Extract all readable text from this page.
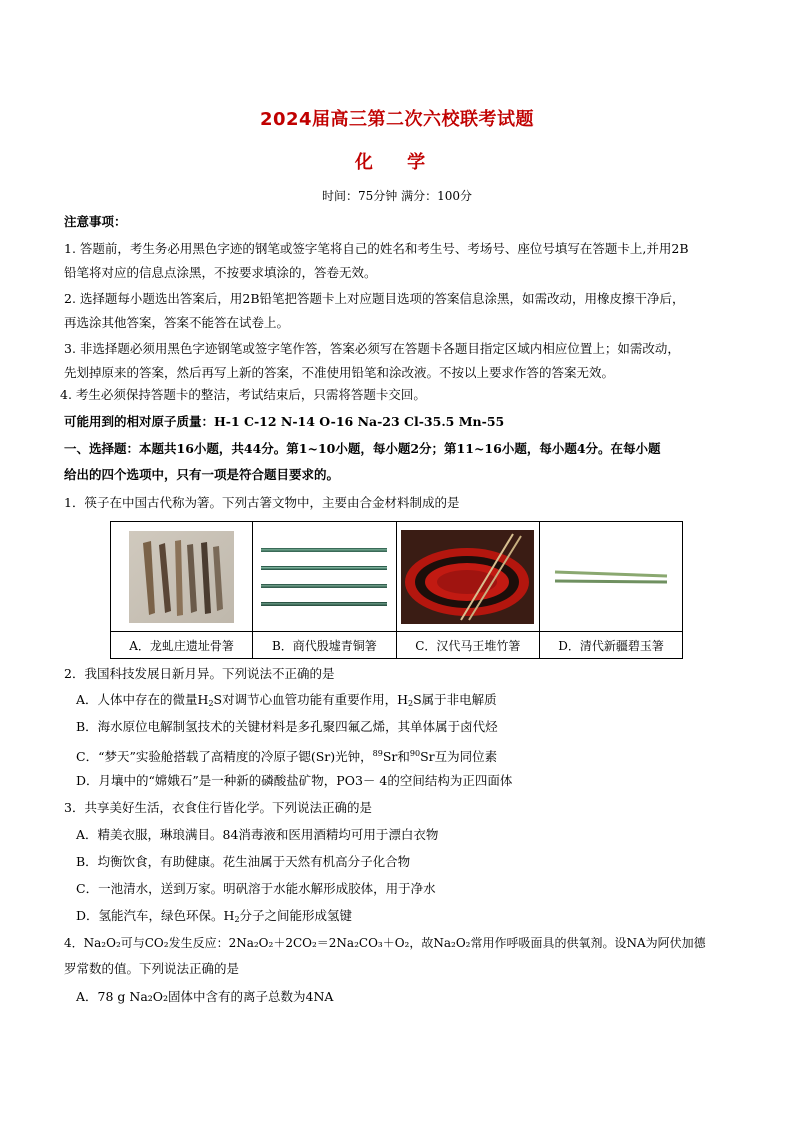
2024届高三第二次六校联考试题
化 学
时间：75分钟 满分：100分
注意事项：
1. 答题前，考生务必用黑色字迹的钢笔或签字笔将自己的姓名和考生号、考场号、座位号填写在答题卡上,并用2B
铅笔将对应的信息点涂黑，不按要求填涂的，答卷无效。
2. 选择题每小题选出答案后，用2B铅笔把答题卡上对应题目选项的答案信息涂黑，如需改动，用橡皮擦干净后，
再选涂其他答案，答案不能答在试卷上。
3. 非选择题必须用黑色字迹钢笔或签字笔作答，答案必须写在答题卡各题目指定区域内相应位置上；如需改动，
先划掉原来的答案，然后再写上新的答案，不准使用铅笔和涂改液。不按以上要求作答的答案无效。
4. 考生必须保持答题卡的整洁，考试结束后，只需将答题卡交回。
可能用到的相对原子质量：H-1 C-12 N-14 O-16 Na-23 Cl-35.5 Mn-55
一、选择题：本题共16小题，共44分。第1~10小题，每小题2分；第11~16小题，每小题4分。在每小题
给出的四个选项中，只有一项是符合题目要求的。
1．筷子在中国古代称为箸。下列古箸文物中，主要由合金材料制成的是

A．龙虬庄遗址骨箸	B．商代殷墟青铜箸	C．汉代马王堆竹箸	D．清代新疆碧玉箸
2．我国科技发展日新月异。下列说法不正确的是
A．人体中存在的微量$H_2S$对调节心血管功能有重要作用，$H_2S$属于非电解质
B．海水原位电解制氢技术的关键材料是多孔聚四氟乙烯，其单体属于卤代烃
C．“梦天”实验舱搭载了高精度的冷原子锶(Sr)光钟，$^{89}$Sr和$^{90}$Sr互为同位素
D．月壤中的“嫦娥石”是一种新的磷酸盐矿物，PO3－ 4的空间结构为正四面体
3．共享美好生活，衣食住行皆化学。下列说法正确的是
A．精美衣服，琳琅满目。84消毒液和医用酒精均可用于漂白衣物
B．均衡饮食，有助健康。花生油属于天然有机高分子化合物
C．一池清水，送到万家。明矾溶于水能水解形成胶体，用于净水
D．氢能汽车，绿色环保。$H_2$分子之间能形成氢键
4．Na₂O₂可与CO₂发生反应：2Na₂O₂＋2CO₂＝2Na₂CO₃＋O₂，故Na₂O₂常用作呼吸面具的供氧剂。设NA为阿伏加德
罗常数的值。下列说法正确的是
A．78 g Na₂O₂固体中含有的离子总数为4NA
